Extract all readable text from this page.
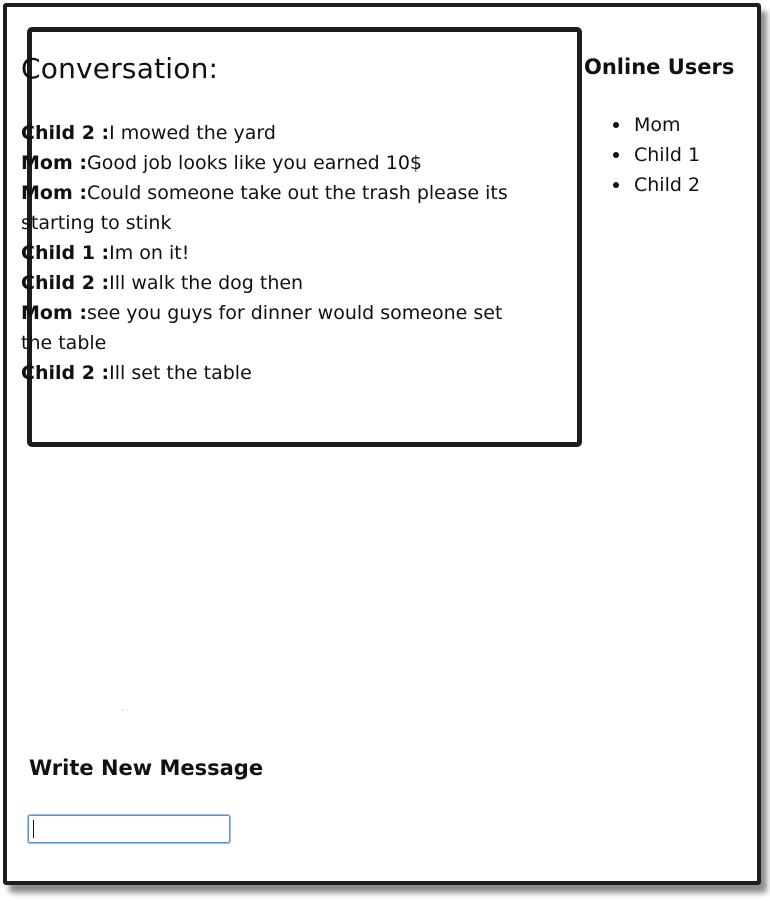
Conversation:
Child 2 :I mowed the yard
Mom :Good job looks like you earned 10$
Mom :Could someone take out the trash please its starting to stink
Child 1 :Im on it!
Child 2 :Ill walk the dog then
Mom :see you guys for dinner would someone set the table
Child 2 :Ill set the table
Online Users
Mom
Child 1
Child 2
··
Write New Message
